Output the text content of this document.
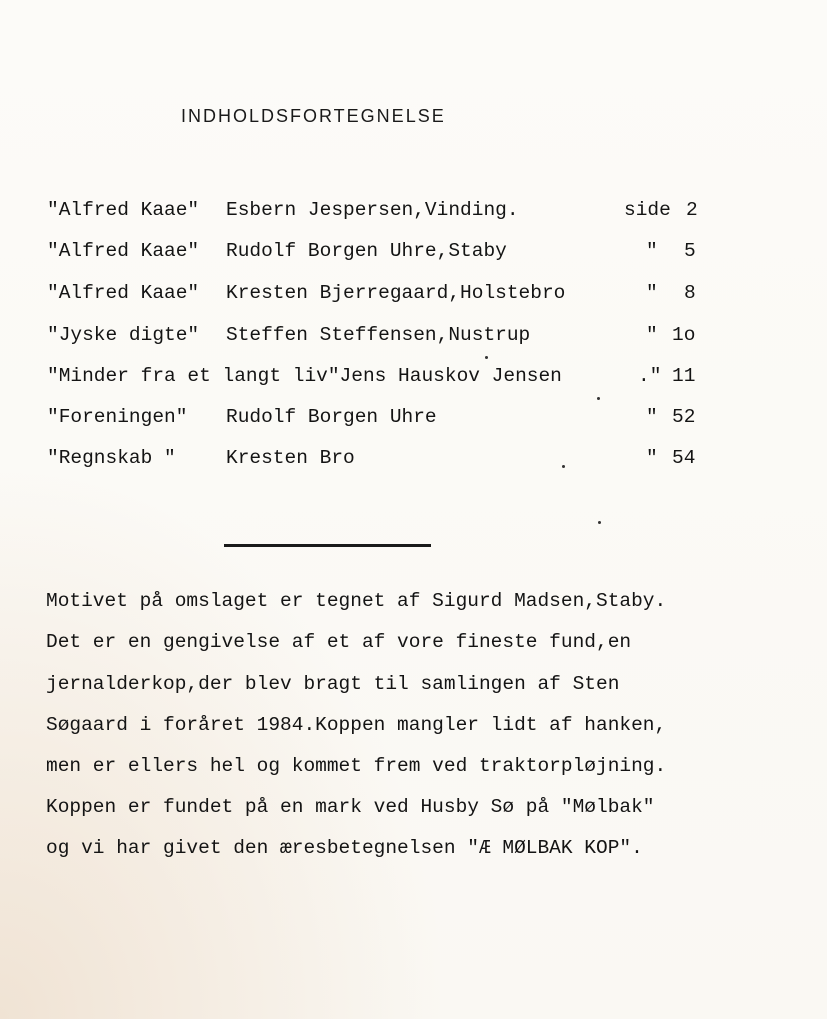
INDHOLDSFORTEGNELSE
"Alfred Kaae" Esbern Jespersen,Vinding.	side 2
"Alfred Kaae" Rudolf Borgen Uhre,Staby	" 5
"Alfred Kaae" Kresten Bjerregaard,Holstebro	" 8
"Jyske digte" Steffen Steffensen,Nustrup	" 1o
"Minder fra et langt liv"Jens Hauskov Jensen	." 11
"Foreningen" Rudolf Borgen Uhre	" 52
"Regnskab "	Kresten Bro	" 54
Motivet på omslaget er tegnet af Sigurd Madsen,Staby.
Det er en gengivelse af et af vore fineste fund,en
jernalderkop,der blev bragt til samlingen af Sten
Søgaard i foråret 1984.Koppen mangler lidt af hanken,
men er ellers hel og kommet frem ved traktorpløjning.
Koppen er fundet på en mark ved Husby Sø på "Mølbak"
og vi har givet den æresbetegnelsen "Æ MØLBAK KOP".
